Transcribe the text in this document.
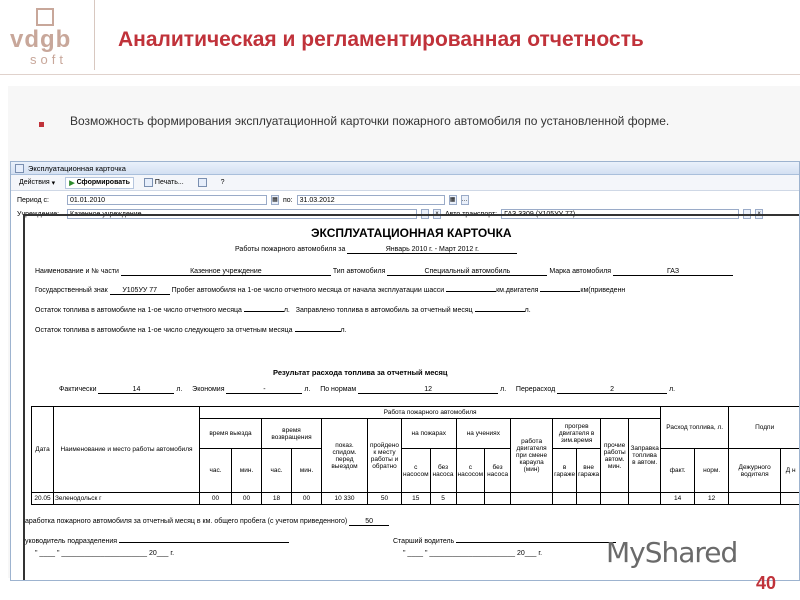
vdgb
soft
Аналитическая и регламентированная отчетность
Возможность формирования эксплуатационной карточки пожарного автомобиля по установленной форме.
Эксплуатационная карточка
Действия ▾	▶ Сформировать	Печать...	?
Период с:	01.01.2010	▦ по:	31.03.2012	▦ …
Учреждение:	Казенное учреждение	…	× Авто транспорт:	ГАЗ 3309 (У105УУ 77)	…	×
ЭКСПЛУАТАЦИОННАЯ КАРТОЧКА
Работы пожарного автомобиля за	Январь 2010 г. - Март 2012 г.
Наименование и № части	Казенное учреждение	Тип автомобиля	Специальный автомобиль	Марка автомобиля	ГАЗ
Государственный знак У105УУ 77 Пробег автомобиля на 1-ое число отчетного месяца от начала эксплуатации шасси	км.двигателя	км(приведенн
Остаток топлива в автомобиле на 1-ое число отчетного месяца	л. Заправлено топлива в автомобиль за отчетный месяц	л.
Остаток топлива в автомобиле на 1-ое число следующего за отчетным месяца	л.
Результат расхода топлива за отчетный месяц
Фактически	14	л. Экономия	-	л. По нормам	12	л. Перерасход	2	л.
Дата	Наименование и место работы автомобиля	Работа пожарного автомобиля															Расход топлива, л.		Подпи	
		время выезда		время возвращения		показ. спидом. перед выездом	пройдено к месту работы и обратно	на пожарах		на учениях		работа двигателя при смене караула (мин)	прогрев двигателя в зим.время		прочие работы автом. мин.	Заправка топлива в автом.				
		час.	мин.	час.	мин.			с насосом	без насоса	с насосом	без насоса		в гараже	вне гаража			факт.	норм.	Дежурного водителя	Д н
20.05	Зеленодольск г	00	00	18	00	10 330	50	15	5								14	12		
аработка пожарного автомобиля за отчетный месяц в км. общего пробега (с учетом приведенного)	50
уководитель подразделения	Старший водитель
" ____ " ______________________ 20___ г.	" ____ " ______________________ 20___ г. MyShared
40
